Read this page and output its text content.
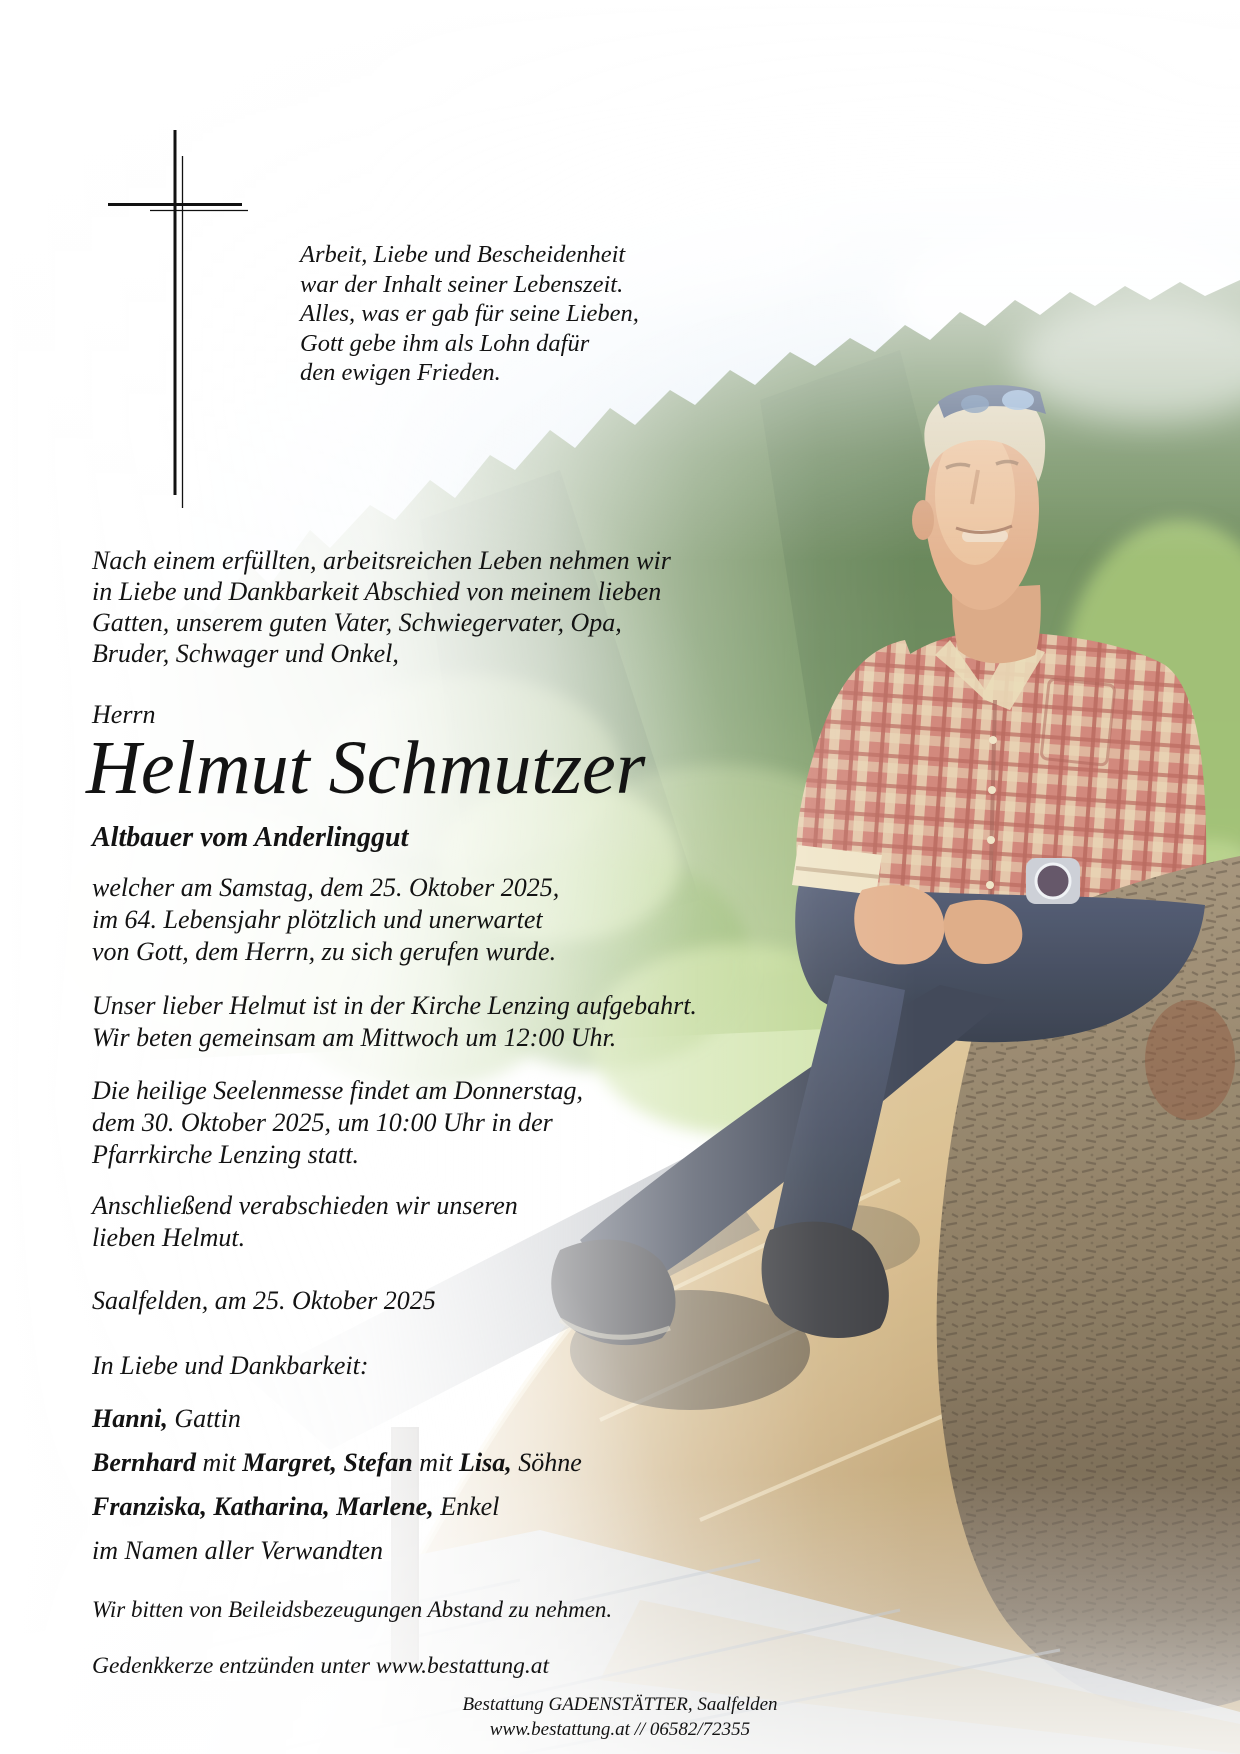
Arbeit, Liebe und Bescheidenheit
war der Inhalt seiner Lebenszeit.
Alles, was er gab für seine Lieben,
Gott gebe ihm als Lohn dafür
den ewigen Frieden.
Nach einem erfüllten, arbeitsreichen Leben nehmen wir
in Liebe und Dankbarkeit Abschied von meinem lieben
Gatten, unserem guten Vater, Schwiegervater, Opa,
Bruder, Schwager und Onkel,
Herrn
Helmut Schmutzer
Altbauer vom Anderlinggut
welcher am Samstag, dem 25. Oktober 2025,
im 64. Lebensjahr plötzlich und unerwartet
von Gott, dem Herrn, zu sich gerufen wurde.
Unser lieber Helmut ist in der Kirche Lenzing aufgebahrt.
Wir beten gemeinsam am Mittwoch um 12:00 Uhr.
Die heilige Seelenmesse findet am Donnerstag,
dem 30. Oktober 2025, um 10:00 Uhr in der
Pfarrkirche Lenzing statt.
Anschließend verabschieden wir unseren
lieben Helmut.
Saalfelden, am 25. Oktober 2025
In Liebe und Dankbarkeit:
Hanni, Gattin
Bernhard mit Margret, Stefan mit Lisa, Söhne
Franziska, Katharina, Marlene, Enkel
im Namen aller Verwandten
Wir bitten von Beileidsbezeugungen Abstand zu nehmen.
Gedenkkerze entzünden unter www.bestattung.at
Bestattung GADENSTÄTTER, Saalfelden
www.bestattung.at // 06582/72355
